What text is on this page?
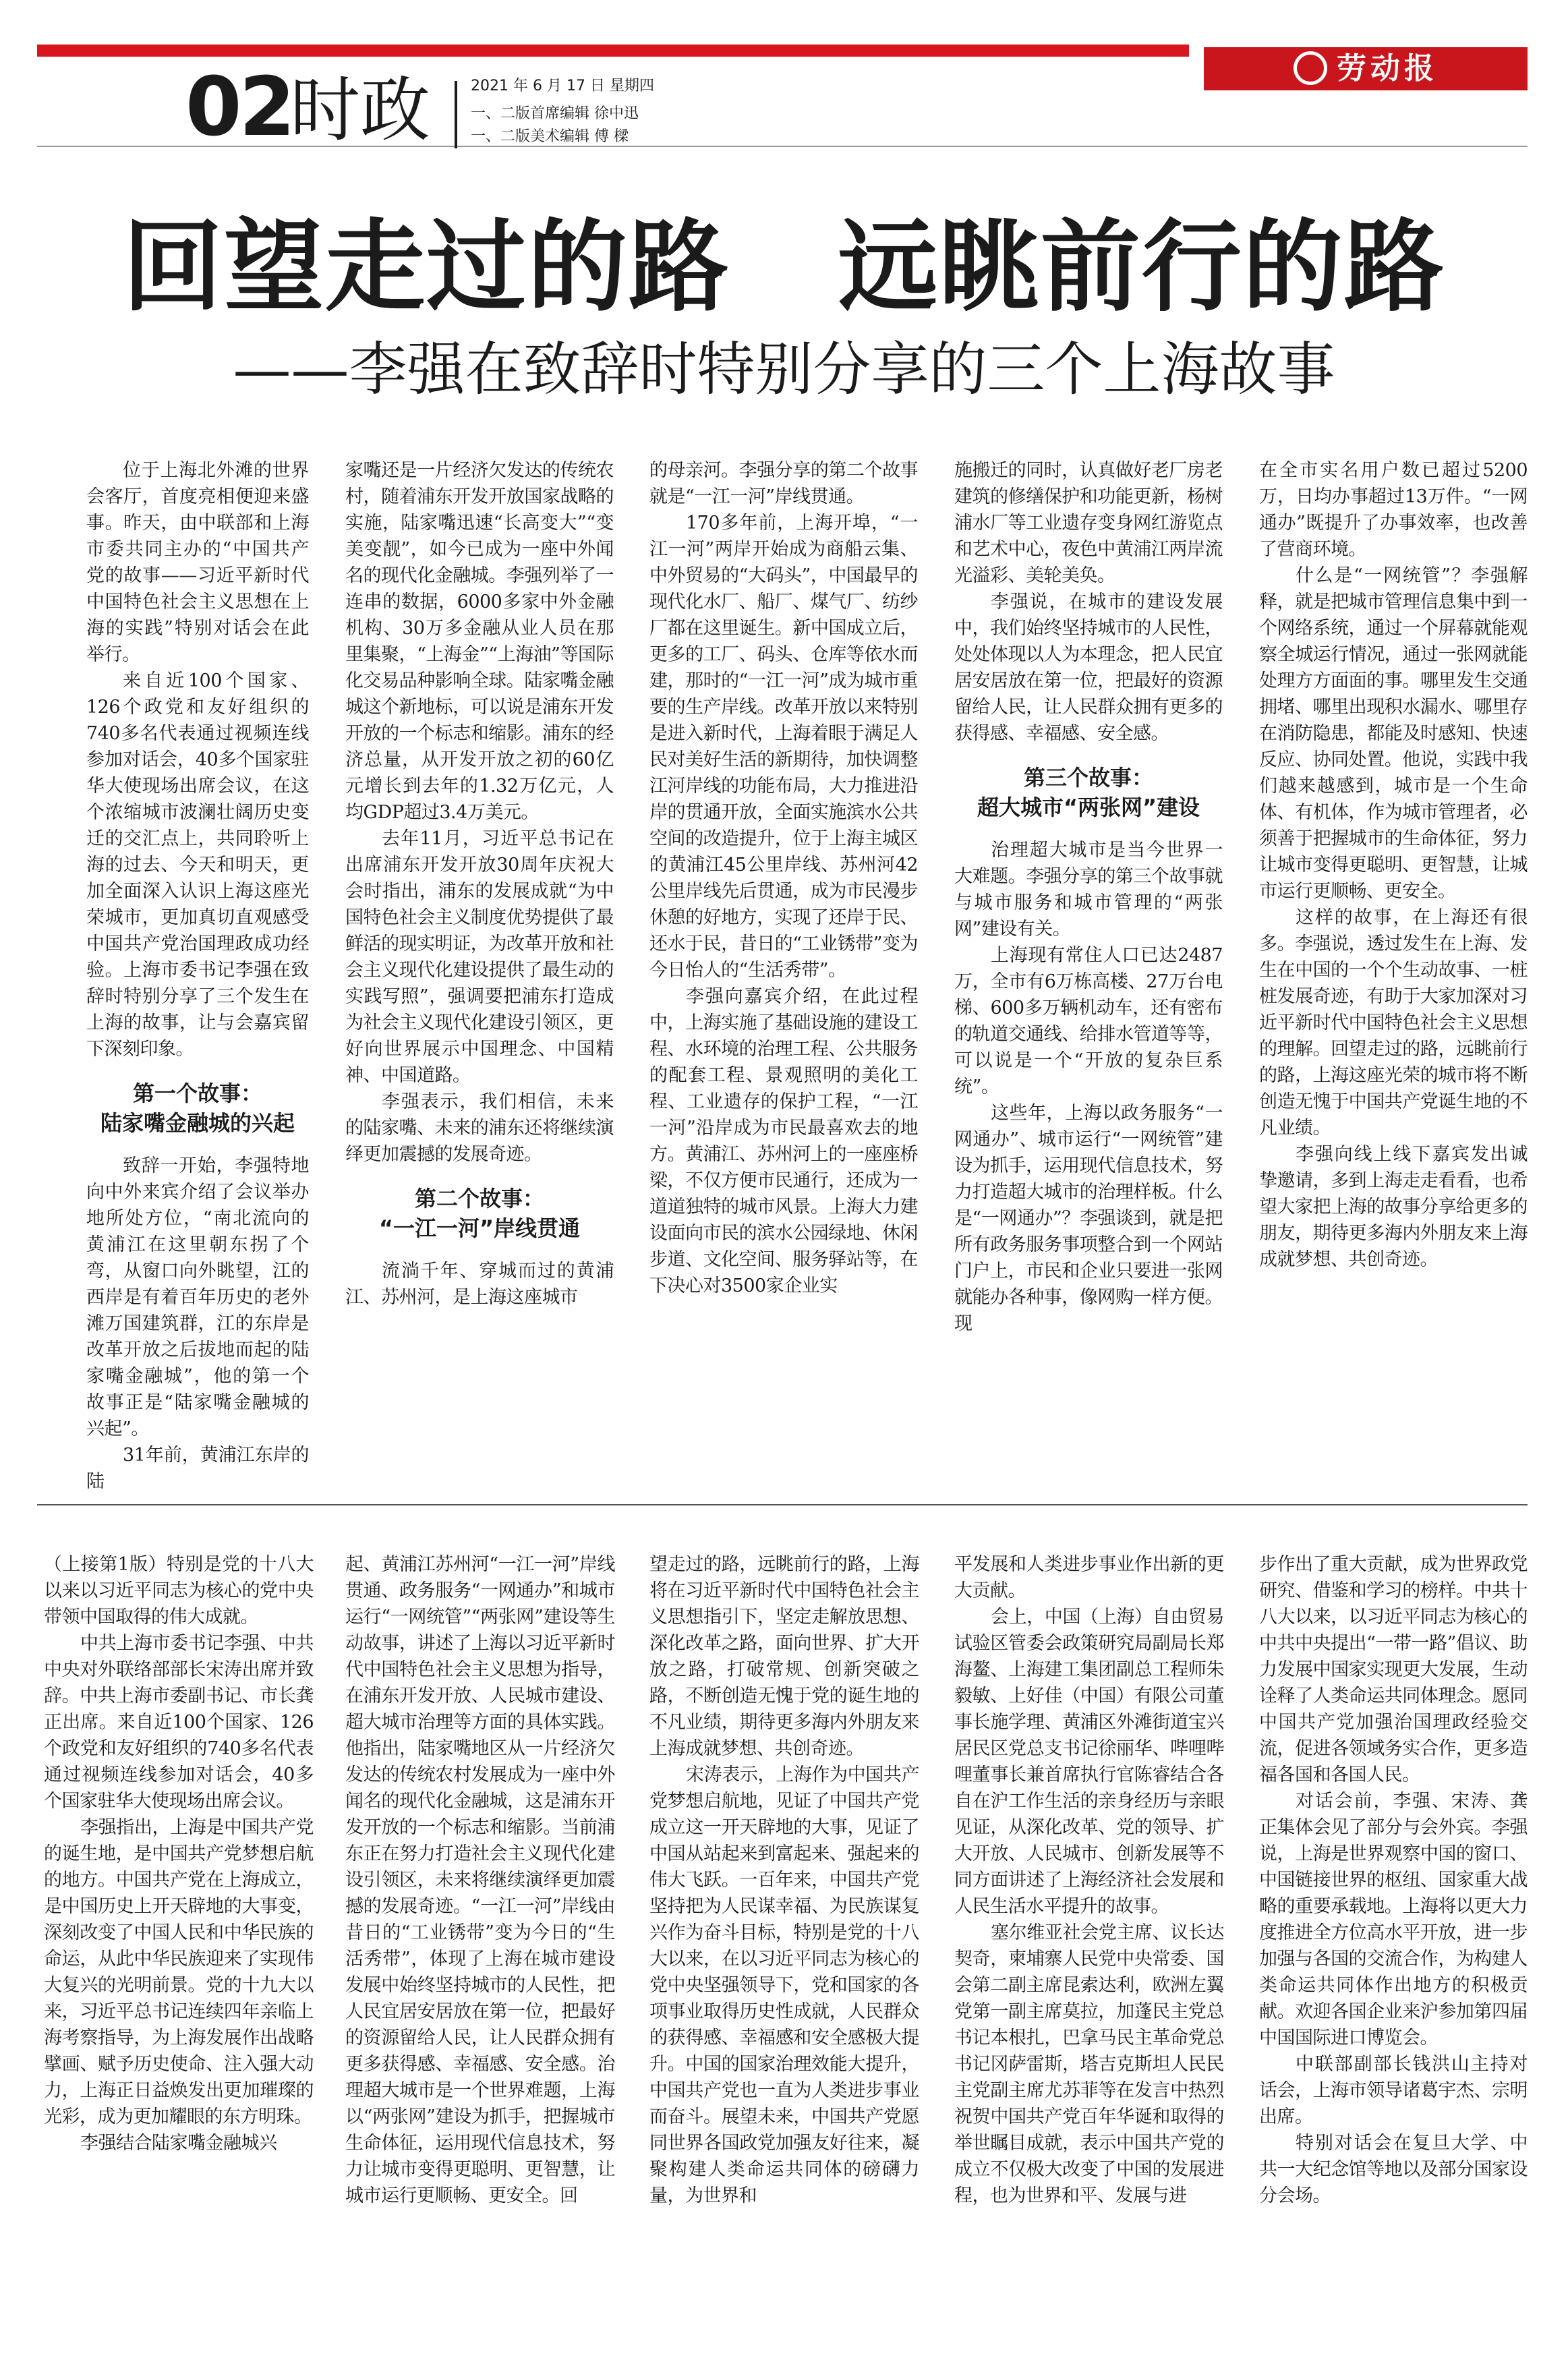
劳动报
02
时政	2021 年 6 月 17 日 星期四
一、二版首席编辑 徐中迅
一、二版美术编辑 傅 樑
回望走过的路   远眺前行的路
——李强在致辞时特别分享的三个上海故事

位于上海北外滩的世界会客厅，首度亮相便迎来盛事。昨天，由中联部和上海市委共同主办的“中国共产党的故事——习近平新时代中国特色社会主义思想在上海的实践”特别对话会在此举行。

来自近100个国家、126个政党和友好组织的740多名代表通过视频连线参加对话会，40多个国家驻华大使现场出席会议，在这个浓缩城市波澜壮阔历史变迁的交汇点上，共同聆听上海的过去、今天和明天，更加全面深入认识上海这座光荣城市，更加真切直观感受中国共产党治国理政成功经验。上海市委书记李强在致辞时特别分享了三个发生在上海的故事，让与会嘉宾留下深刻印象。

第一个故事：
陆家嘴金融城的兴起

致辞一开始，李强特地向中外来宾介绍了会议举办地所处方位，“南北流向的黄浦江在这里朝东拐了个弯，从窗口向外眺望，江的西岸是有着百年历史的老外滩万国建筑群，江的东岸是改革开放之后拔地而起的陆家嘴金融城”，他的第一个故事正是“陆家嘴金融城的兴起”。

31年前，黄浦江东岸的陆

家嘴还是一片经济欠发达的传统农村，随着浦东开发开放国家战略的实施，陆家嘴迅速“长高变大”“变美变靓”，如今已成为一座中外闻名的现代化金融城。李强列举了一连串的数据，6000多家中外金融机构、30万多金融从业人员在那里集聚，“上海金”“上海油”等国际化交易品种影响全球。陆家嘴金融城这个新地标，可以说是浦东开发开放的一个标志和缩影。浦东的经济总量，从开发开放之初的60亿元增长到去年的1.32万亿元，人均GDP超过3.4万美元。

去年11月，习近平总书记在出席浦东开发开放30周年庆祝大会时指出，浦东的发展成就“为中国特色社会主义制度优势提供了最鲜活的现实明证，为改革开放和社会主义现代化建设提供了最生动的实践写照”，强调要把浦东打造成为社会主义现代化建设引领区，更好向世界展示中国理念、中国精神、中国道路。

李强表示，我们相信，未来的陆家嘴、未来的浦东还将继续演绎更加震撼的发展奇迹。

第二个故事：
“一江一河”岸线贯通

流淌千年、穿城而过的黄浦江、苏州河，是上海这座城市

的母亲河。李强分享的第二个故事就是“一江一河”岸线贯通。

170多年前，上海开埠，“一江一河”两岸开始成为商船云集、中外贸易的“大码头”，中国最早的现代化水厂、船厂、煤气厂、纺纱厂都在这里诞生。新中国成立后，更多的工厂、码头、仓库等依水而建，那时的“一江一河”成为城市重要的生产岸线。改革开放以来特别是进入新时代，上海着眼于满足人民对美好生活的新期待，加快调整江河岸线的功能布局，大力推进沿岸的贯通开放，全面实施滨水公共空间的改造提升，位于上海主城区的黄浦江45公里岸线、苏州河42公里岸线先后贯通，成为市民漫步休憩的好地方，实现了还岸于民、还水于民，昔日的“工业锈带”变为今日怡人的“生活秀带”。

李强向嘉宾介绍，在此过程中，上海实施了基础设施的建设工程、水环境的治理工程、公共服务的配套工程、景观照明的美化工程、工业遗存的保护工程，“一江一河”沿岸成为市民最喜欢去的地方。黄浦江、苏州河上的一座座桥梁，不仅方便市民通行，还成为一道道独特的城市风景。上海大力建设面向市民的滨水公园绿地、休闲步道、文化空间、服务驿站等，在下决心对3500家企业实

施搬迁的同时，认真做好老厂房老建筑的修缮保护和功能更新，杨树浦水厂等工业遗存变身网红游览点和艺术中心，夜色中黄浦江两岸流光溢彩、美轮美奂。

李强说，在城市的建设发展中，我们始终坚持城市的人民性，处处体现以人为本理念，把人民宜居安居放在第一位，把最好的资源留给人民，让人民群众拥有更多的获得感、幸福感、安全感。

第三个故事：
超大城市“两张网”建设

治理超大城市是当今世界一大难题。李强分享的第三个故事就与城市服务和城市管理的“两张网”建设有关。

上海现有常住人口已达2487万，全市有6万栋高楼、27万台电梯、600多万辆机动车，还有密布的轨道交通线、给排水管道等等，可以说是一个“开放的复杂巨系统”。

这些年，上海以政务服务“一网通办”、城市运行“一网统管”建设为抓手，运用现代信息技术，努力打造超大城市的治理样板。什么是“一网通办”？李强谈到，就是把所有政务服务事项整合到一个网站门户上，市民和企业只要进一张网就能办各种事，像网购一样方便。现

在全市实名用户数已超过5200万，日均办事超过13万件。“一网通办”既提升了办事效率，也改善了营商环境。

什么是“一网统管”？李强解释，就是把城市管理信息集中到一个网络系统，通过一个屏幕就能观察全城运行情况，通过一张网就能处理方方面面的事。哪里发生交通拥堵、哪里出现积水漏水、哪里存在消防隐患，都能及时感知、快速反应、协同处置。他说，实践中我们越来越感到，城市是一个生命体、有机体，作为城市管理者，必须善于把握城市的生命体征，努力让城市变得更聪明、更智慧，让城市运行更顺畅、更安全。

这样的故事，在上海还有很多。李强说，透过发生在上海、发生在中国的一个个生动故事、一桩桩发展奇迹，有助于大家加深对习近平新时代中国特色社会主义思想的理解。回望走过的路，远眺前行的路，上海这座光荣的城市将不断创造无愧于中国共产党诞生地的不凡业绩。

李强向线上线下嘉宾发出诚挚邀请，多到上海走走看看，也希望大家把上海的故事分享给更多的朋友，期待更多海内外朋友来上海成就梦想、共创奇迹。

（上接第1版）特别是党的十八大以来以习近平同志为核心的党中央带领中国取得的伟大成就。

中共上海市委书记李强、中共中央对外联络部部长宋涛出席并致辞。中共上海市委副书记、市长龚正出席。来自近100个国家、126个政党和友好组织的740多名代表通过视频连线参加对话会，40多个国家驻华大使现场出席会议。

李强指出，上海是中国共产党的诞生地，是中国共产党梦想启航的地方。中国共产党在上海成立，是中国历史上开天辟地的大事变，深刻改变了中国人民和中华民族的命运，从此中华民族迎来了实现伟大复兴的光明前景。党的十九大以来，习近平总书记连续四年亲临上海考察指导，为上海发展作出战略擘画、赋予历史使命、注入强大动力，上海正日益焕发出更加璀璨的光彩，成为更加耀眼的东方明珠。

李强结合陆家嘴金融城兴

起、黄浦江苏州河“一江一河”岸线贯通、政务服务“一网通办”和城市运行“一网统管”“两张网”建设等生动故事，讲述了上海以习近平新时代中国特色社会主义思想为指导，在浦东开发开放、人民城市建设、超大城市治理等方面的具体实践。他指出，陆家嘴地区从一片经济欠发达的传统农村发展成为一座中外闻名的现代化金融城，这是浦东开发开放的一个标志和缩影。当前浦东正在努力打造社会主义现代化建设引领区，未来将继续演绎更加震撼的发展奇迹。“一江一河”岸线由昔日的“工业锈带”变为今日的“生活秀带”，体现了上海在城市建设发展中始终坚持城市的人民性，把人民宜居安居放在第一位，把最好的资源留给人民，让人民群众拥有更多获得感、幸福感、安全感。治理超大城市是一个世界难题，上海以“两张网”建设为抓手，把握城市生命体征，运用现代信息技术，努力让城市变得更聪明、更智慧，让城市运行更顺畅、更安全。回

望走过的路，远眺前行的路，上海将在习近平新时代中国特色社会主义思想指引下，坚定走解放思想、深化改革之路，面向世界、扩大开放之路，打破常规、创新突破之路，不断创造无愧于党的诞生地的不凡业绩，期待更多海内外朋友来上海成就梦想、共创奇迹。

宋涛表示，上海作为中国共产党梦想启航地，见证了中国共产党成立这一开天辟地的大事，见证了中国从站起来到富起来、强起来的伟大飞跃。一百年来，中国共产党坚持把为人民谋幸福、为民族谋复兴作为奋斗目标，特别是党的十八大以来，在以习近平同志为核心的党中央坚强领导下，党和国家的各项事业取得历史性成就，人民群众的获得感、幸福感和安全感极大提升。中国的国家治理效能大提升，中国共产党也一直为人类进步事业而奋斗。展望未来，中国共产党愿同世界各国政党加强友好往来，凝聚构建人类命运共同体的磅礴力量，为世界和

平发展和人类进步事业作出新的更大贡献。

会上，中国（上海）自由贸易试验区管委会政策研究局副局长郑海鳌、上海建工集团副总工程师朱毅敏、上好佳（中国）有限公司董事长施学理、黄浦区外滩街道宝兴居民区党总支书记徐丽华、哔哩哔哩董事长兼首席执行官陈睿结合各自在沪工作生活的亲身经历与亲眼见证，从深化改革、党的领导、扩大开放、人民城市、创新发展等不同方面讲述了上海经济社会发展和人民生活水平提升的故事。

塞尔维亚社会党主席、议长达契奇，柬埔寨人民党中央常委、国会第二副主席昆索达利，欧洲左翼党第一副主席莫拉，加蓬民主党总书记本根扎，巴拿马民主革命党总书记冈萨雷斯，塔吉克斯坦人民民主党副主席尤苏菲等在发言中热烈祝贺中国共产党百年华诞和取得的举世瞩目成就，表示中国共产党的成立不仅极大改变了中国的发展进程，也为世界和平、发展与进

步作出了重大贡献，成为世界政党研究、借鉴和学习的榜样。中共十八大以来，以习近平同志为核心的中共中央提出“一带一路”倡议、助力发展中国家实现更大发展，生动诠释了人类命运共同体理念。愿同中国共产党加强治国理政经验交流，促进各领域务实合作，更多造福各国和各国人民。

对话会前，李强、宋涛、龚正集体会见了部分与会外宾。李强说，上海是世界观察中国的窗口、中国链接世界的枢纽、国家重大战略的重要承载地。上海将以更大力度推进全方位高水平开放，进一步加强与各国的交流合作，为构建人类命运共同体作出地方的积极贡献。欢迎各国企业来沪参加第四届中国国际进口博览会。

中联部副部长钱洪山主持对话会，上海市领导诸葛宇杰、宗明出席。

特别对话会在复旦大学、中共一大纪念馆等地以及部分国家设分会场。
